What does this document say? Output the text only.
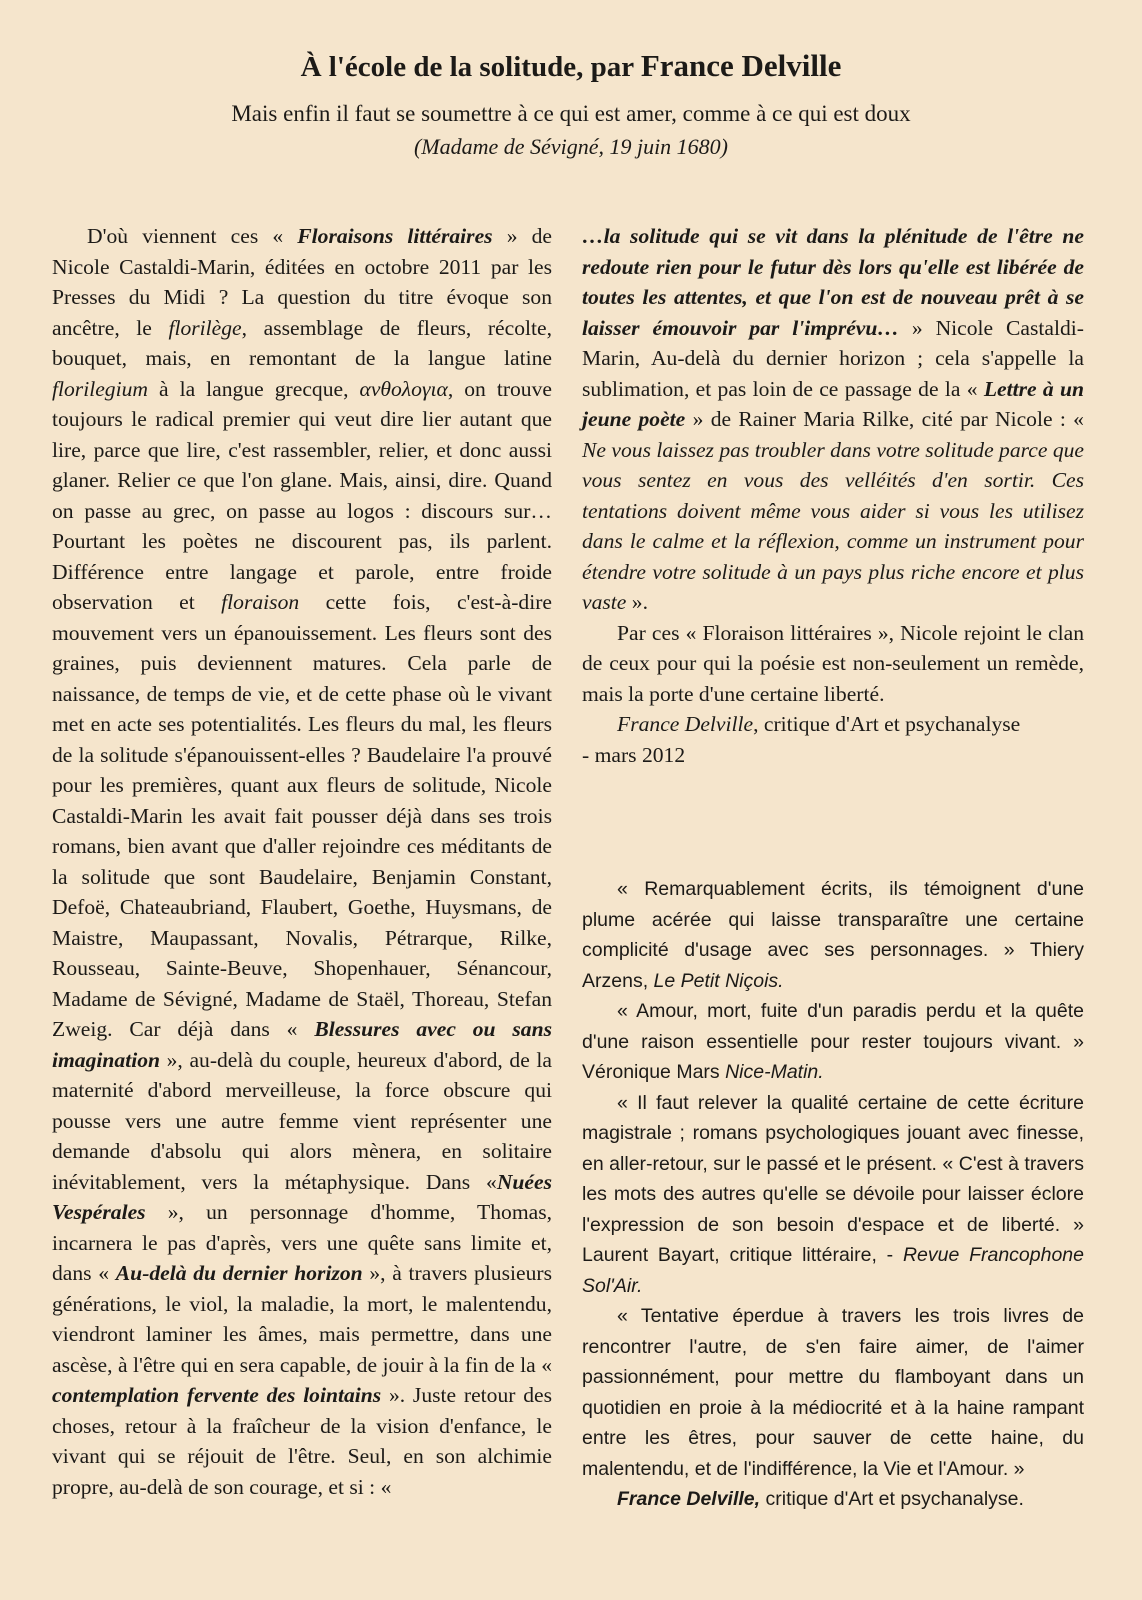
À l'école de la solitude, par France Delville
Mais enfin il faut se soumettre à ce qui est amer, comme à ce qui est doux
(Madame de Sévigné, 19 juin 1680)

D'où viennent ces « Floraisons littéraires » de Nicole Castaldi-Marin, éditées en octobre 2011 par les Presses du Midi ? La question du titre évoque son ancêtre, le florilège, assemblage de fleurs, récolte, bouquet, mais, en remontant de la langue latine florilegium à la langue grecque, ανθολογια, on trouve toujours le radical premier qui veut dire lier autant que lire, parce que lire, c'est rassembler, relier, et donc aussi glaner. Relier ce que l'on glane. Mais, ainsi, dire. Quand on passe au grec, on passe au logos : discours sur… Pourtant les poètes ne discourent pas, ils parlent. Différence entre langage et parole, entre froide observation et floraison cette fois, c'est-à-dire mouvement vers un épanouissement. Les fleurs sont des graines, puis deviennent matures. Cela parle de naissance, de temps de vie, et de cette phase où le vivant met en acte ses potentialités. Les fleurs du mal, les fleurs de la solitude s'épanouissent-elles ? Baudelaire l'a prouvé pour les premières, quant aux fleurs de solitude, Nicole Castaldi-Marin les avait fait pousser déjà dans ses trois romans, bien avant que d'aller rejoindre ces méditants de la solitude que sont Baudelaire, Benjamin Constant, Defoë, Chateaubriand, Flaubert, Goethe, Huysmans, de Maistre, Maupassant, Novalis, Pétrarque, Rilke, Rousseau, Sainte-Beuve, Shopenhauer, Sénancour, Madame de Sévigné, Madame de Staël, Thoreau, Stefan Zweig. Car déjà dans « Blessures avec ou sans imagination », au-delà du couple, heureux d'abord, de la maternité d'abord merveilleuse, la force obscure qui pousse vers une autre femme vient représenter une demande d'absolu qui alors mènera, en solitaire inévitablement, vers la métaphysique. Dans «Nuées Vespérales », un personnage d'homme, Thomas, incarnera le pas d'après, vers une quête sans limite et, dans « Au-delà du dernier horizon », à travers plusieurs générations, le viol, la maladie, la mort, le malentendu, viendront laminer les âmes, mais permettre, dans une ascèse, à l'être qui en sera capable, de jouir à la fin de la « contemplation fervente des lointains ». Juste retour des choses, retour à la fraîcheur de la vision d'enfance, le vivant qui se réjouit de l'être. Seul, en son alchimie propre, au-delà de son courage, et si : «

…la solitude qui se vit dans la plénitude de l'être ne redoute rien pour le futur dès lors qu'elle est libérée de toutes les attentes, et que l'on est de nouveau prêt à se laisser émouvoir par l'imprévu… » Nicole Castaldi-Marin, Au-delà du dernier horizon ; cela s'appelle la sublimation, et pas loin de ce passage de la « Lettre à un jeune poète » de Rainer Maria Rilke, cité par Nicole : « Ne vous laissez pas troubler dans votre solitude parce que vous sentez en vous des velléités d'en sortir. Ces tentations doivent même vous aider si vous les utilisez dans le calme et la réflexion, comme un instrument pour étendre votre solitude à un pays plus riche encore et plus vaste ».

Par ces « Floraison littéraires », Nicole rejoint le clan de ceux pour qui la poésie est non-seulement un remède, mais la porte d'une certaine liberté.

France Delville, critique d'Art et psychanalyse

- mars 2012

« Remarquablement écrits, ils témoignent d'une plume acérée qui laisse transparaître une certaine complicité d'usage avec ses personnages. » Thiery Arzens, Le Petit Niçois.

« Amour, mort, fuite d'un paradis perdu et la quête d'une raison essentielle pour rester toujours vivant. » Véronique Mars Nice-Matin.

« Il faut relever la qualité certaine de cette écriture magistrale ; romans psychologiques jouant avec finesse, en aller-retour, sur le passé et le présent. « C'est à travers les mots des autres qu'elle se dévoile pour laisser éclore l'expression de son besoin d'espace et de liberté. » Laurent Bayart, critique littéraire, - Revue Francophone Sol'Air.

« Tentative éperdue à travers les trois livres de rencontrer l'autre, de s'en faire aimer, de l'aimer passionnément, pour mettre du flamboyant dans un quotidien en proie à la médiocrité et à la haine rampant entre les êtres, pour sauver de cette haine, du malentendu, et de l'indifférence, la Vie et l'Amour. »

France Delville, critique d'Art et psychanalyse.
